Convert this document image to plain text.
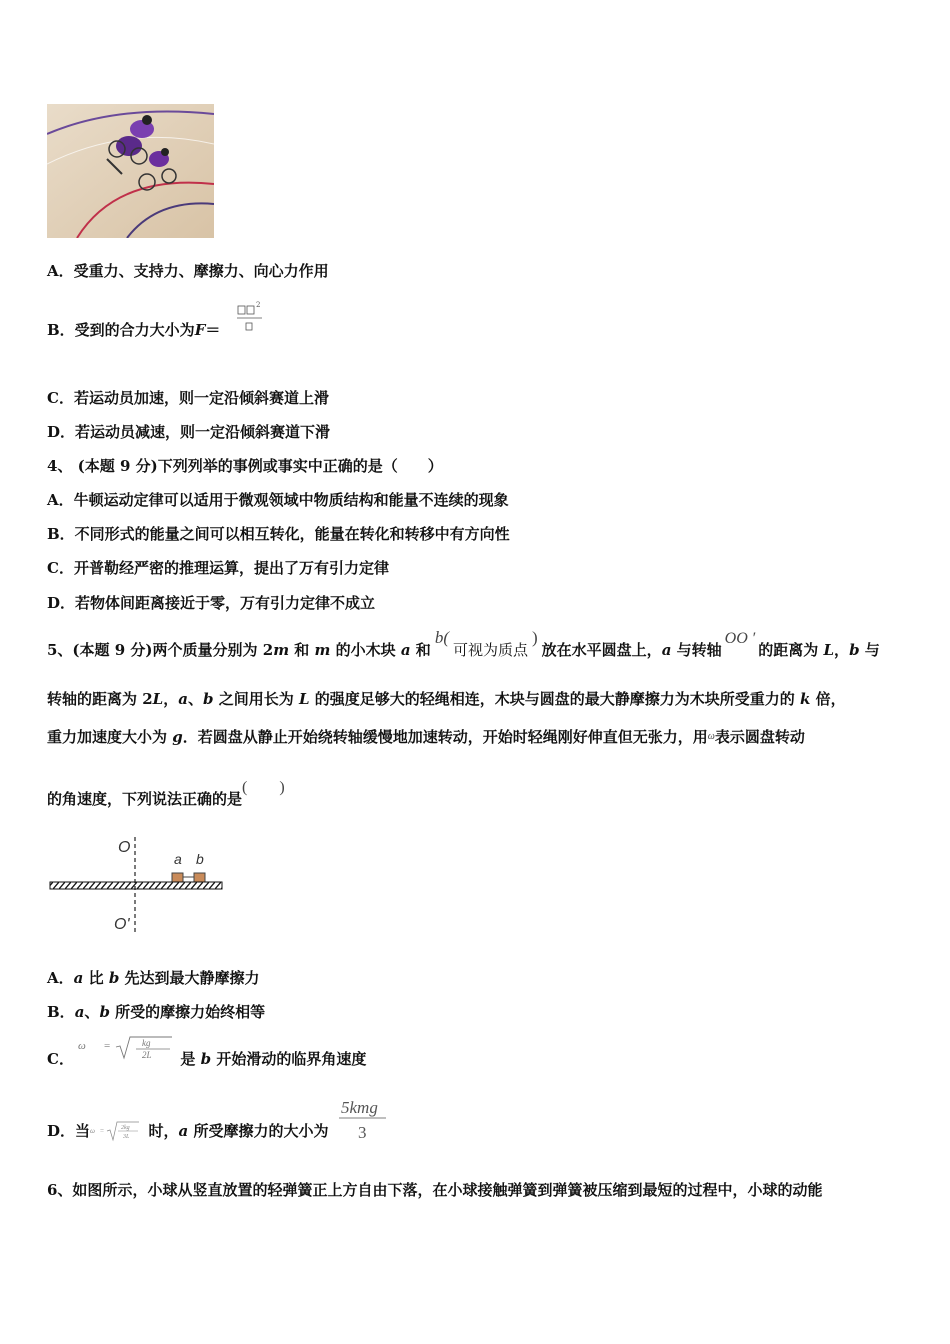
A．受重力、支持力、摩擦力、向心力作用
B．受到的合力大小为F＝
2
C．若运动员加速，则一定沿倾斜赛道上滑
D．若运动员减速，则一定沿倾斜赛道下滑
4、 (本题 9 分)下列列举的事例或事实中正确的是（　　）
A．牛顿运动定律可以适用于微观领域中物质结构和能量不连续的现象
B．不同形式的能量之间可以相互转化，能量在转化和转移中有方向性
C．开普勒经严密的推理运算，提出了万有引力定律
D．若物体间距离接近于零，万有引力定律不成立
5、(本题 9 分)两个质量分别为 2m 和 m 的小木块 a 和b(可视为质点)放在水平圆盘上，a 与转轴OO ′的距离为 L，b 与
转轴的距离为 2L，a、b 之间用长为 L 的强度足够大的轻绳相连，木块与圆盘的最大静摩擦力为木块所受重力的 k 倍，
重力加速度大小为 g．若圆盘从静止开始绕转轴缓慢地加速转动，开始时轻绳刚好伸直但无张力，用$^\omega$表示圆盘转动
的角速度，下列说法正确的是(　　)
O
O'
a b
A．a 比 b 先达到最大静摩擦力
B．a、b 所受的摩擦力始终相等
C．	是 b 开始滑动的临界角速度
ω =	kg
2L
D．当	时，a 所受摩擦力的大小为
ω =	2kg
3L
5kmg
3
6、如图所示，小球从竖直放置的轻弹簧正上方自由下落，在小球接触弹簧到弹簧被压缩到最短的过程中，小球的动能
